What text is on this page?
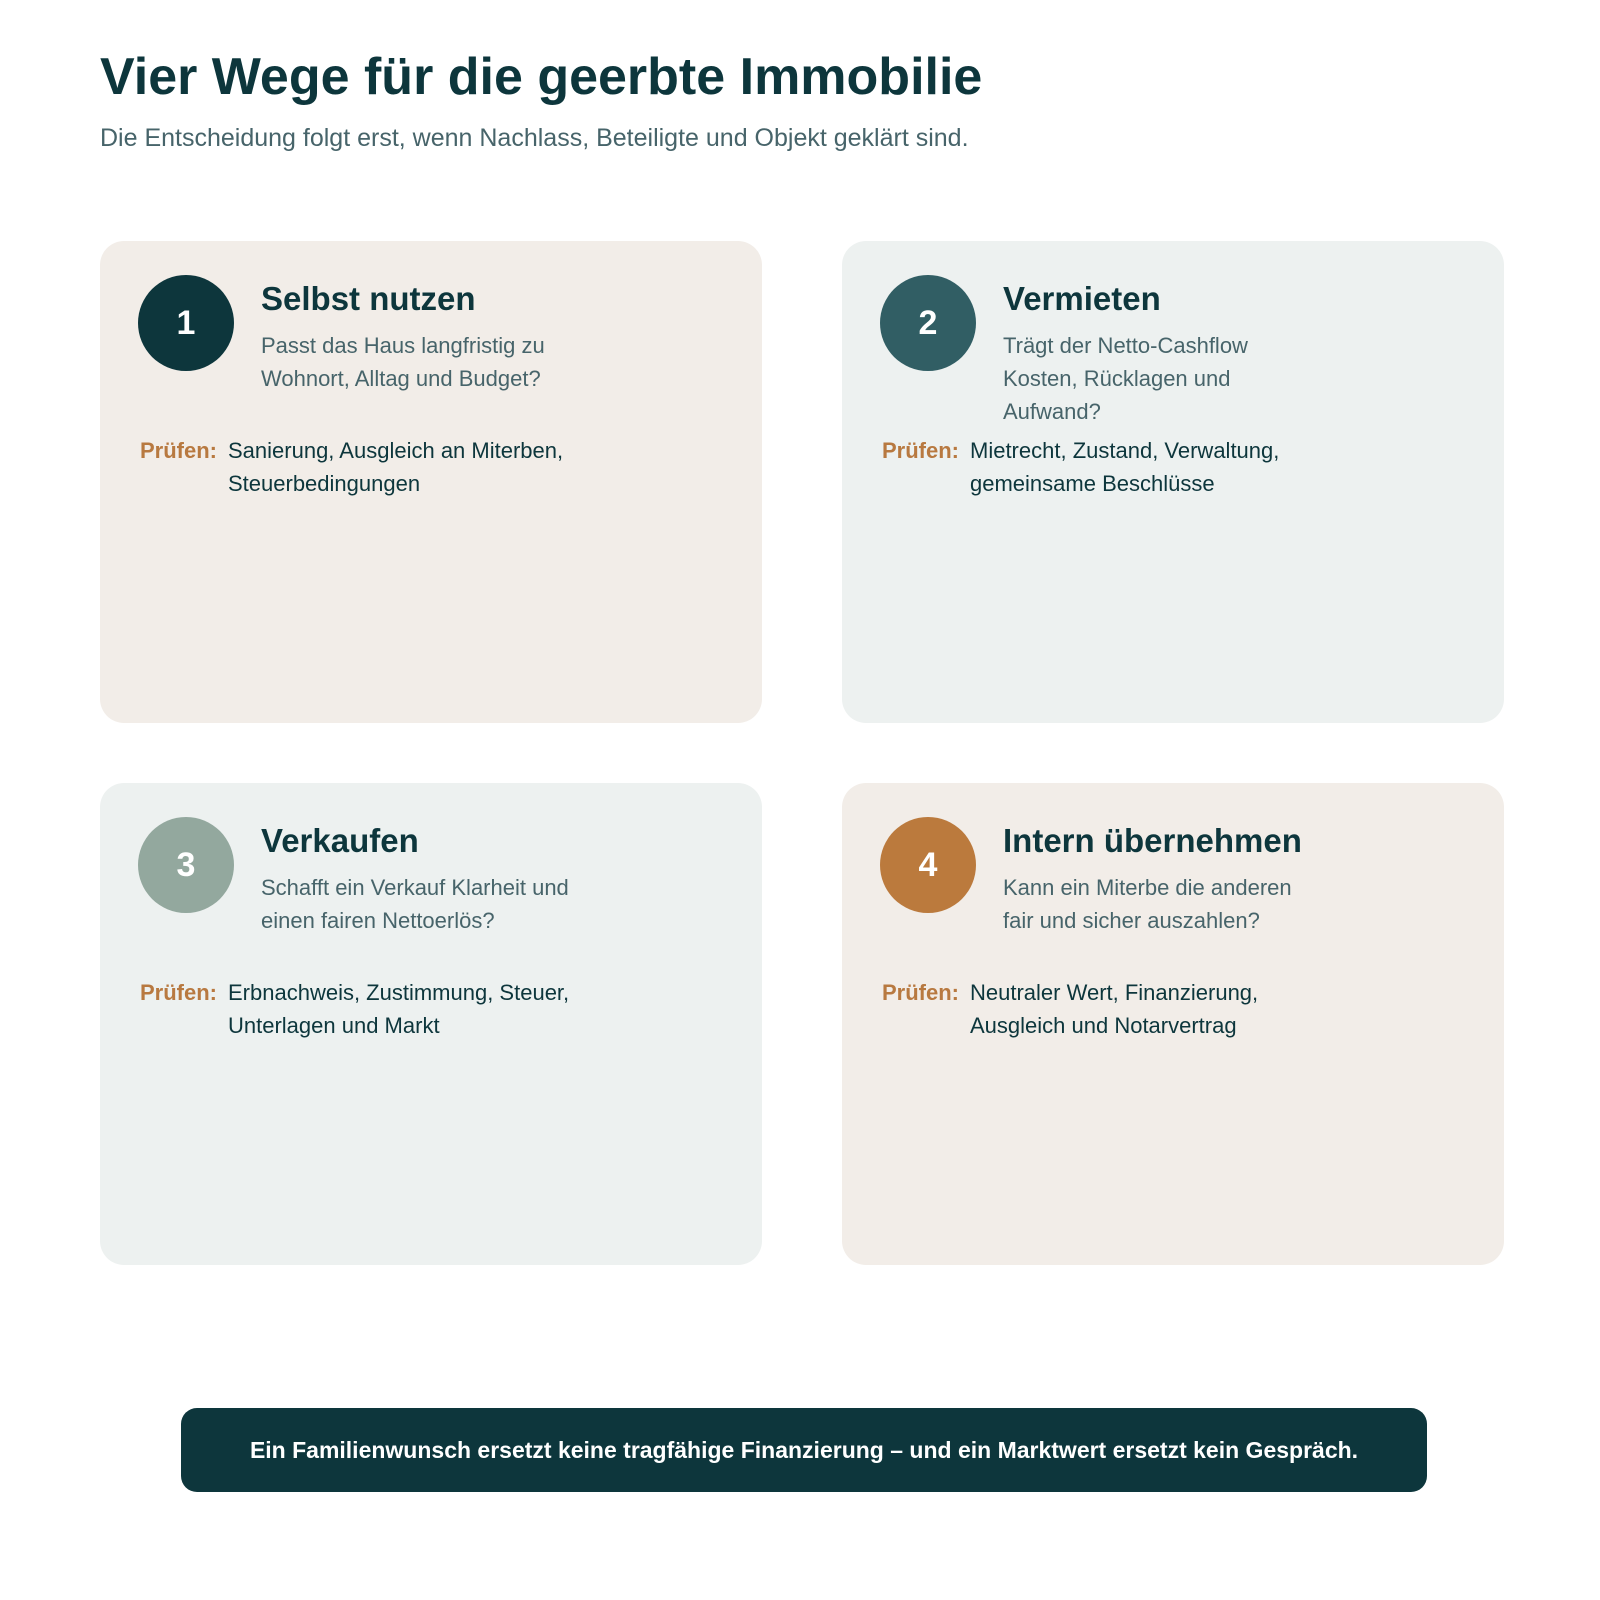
Vier Wege für die geerbte Immobilie

Die Entscheidung folgt erst, wenn Nachlass, Beteiligte und Objekt geklärt sind.

1
Selbst nutzen

Passt das Haus langfristig zu Wohnort, Alltag und Budget?

Prüfen: Sanierung, Ausgleich an Miterben, Steuerbedingungen
2
Vermieten

Trägt der Netto-Cashflow Kosten, Rücklagen und Aufwand?

Prüfen: Mietrecht, Zustand, Verwaltung, gemeinsame Beschlüsse
3
Verkaufen

Schafft ein Verkauf Klarheit und einen fairen Nettoerlös?

Prüfen: Erbnachweis, Zustimmung, Steuer, Unterlagen und Markt
4
Intern übernehmen

Kann ein Miterbe die anderen fair und sicher auszahlen?

Prüfen: Neutraler Wert, Finanzierung, Ausgleich und Notarvertrag
Ein Familienwunsch ersetzt keine tragfähige Finanzierung – und ein Marktwert ersetzt kein Gespräch.
